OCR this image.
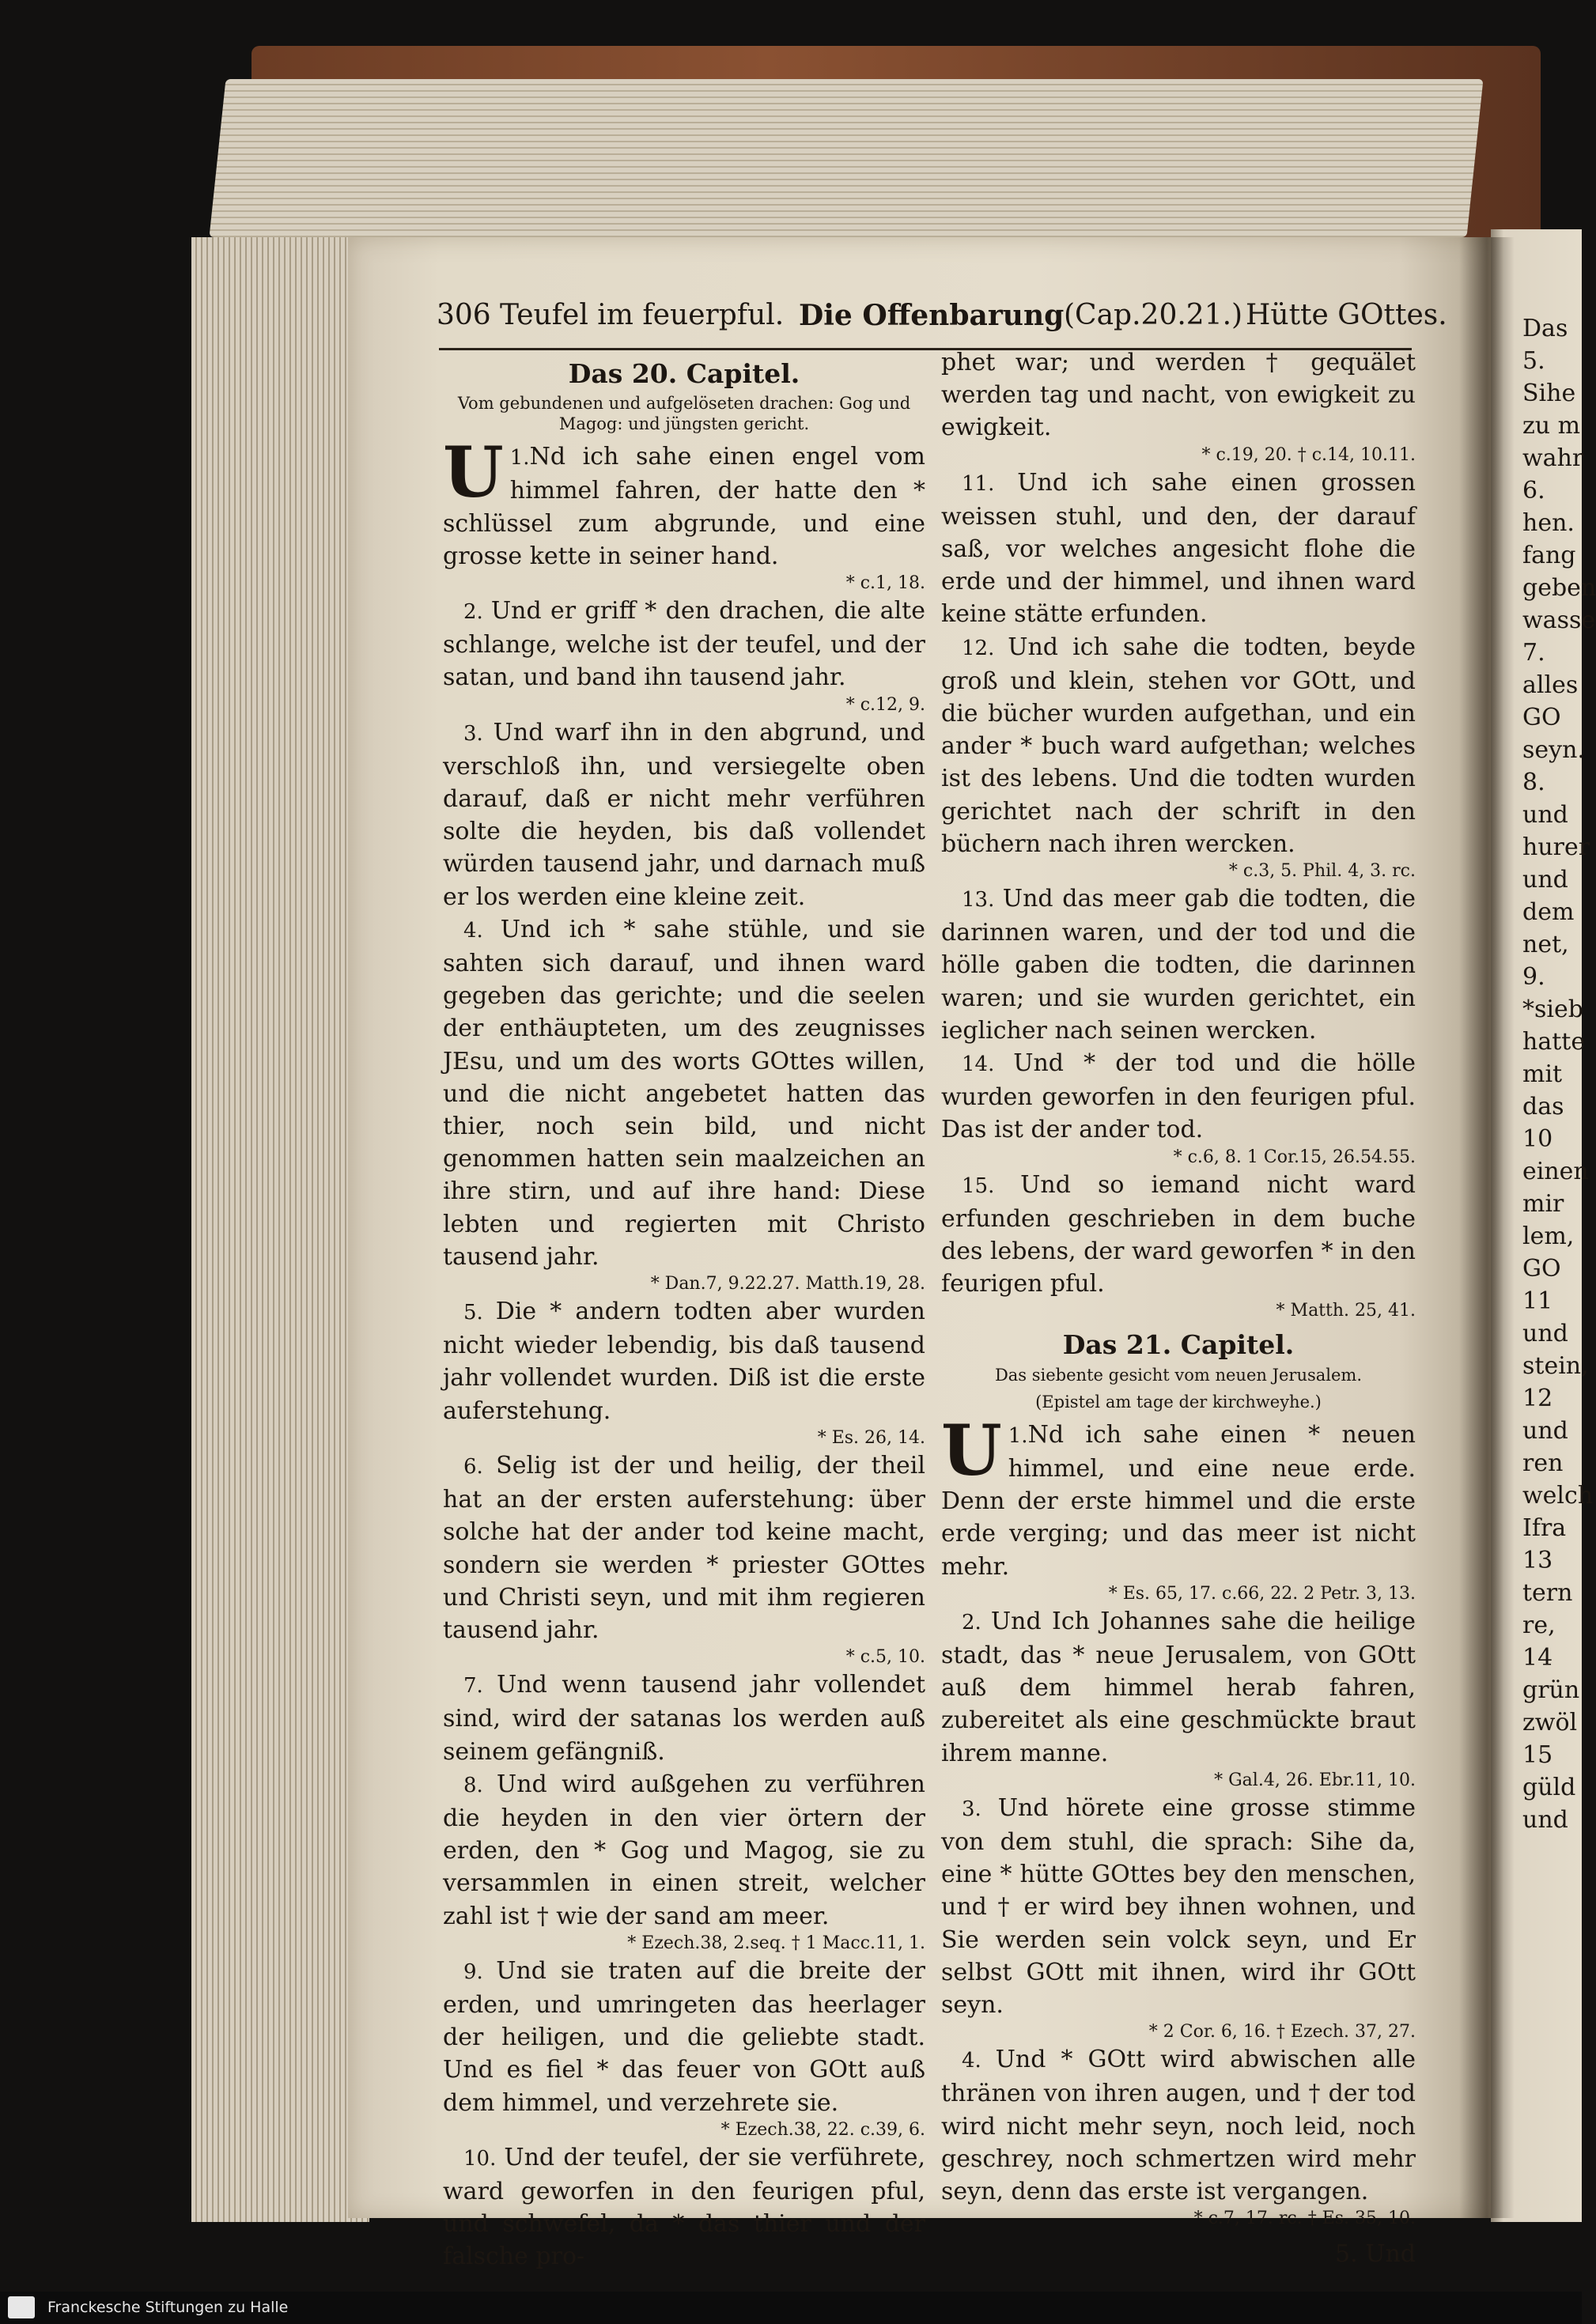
306 Teufel im feuerpful. Die Offenbarung (Cap.20.21.) Hütte GOttes.
Das 20. Capitel.
Vom gebundenen und aufgelöseten drachen: Gog und Magog: und jüngsten gericht.

1.
U Nd ich sahe einen engel vom himmel fahren, der hatte den * schlüssel zum abgrunde, und eine grosse kette in seiner hand.

* c.1, 18.

 2. Und er griff * den drachen, die alte schlange, welche ist der teufel, und der satan, und band ihn tausend jahr.

* c.12, 9.

 3. Und warf ihn in den abgrund, und verschloß ihn, und versiegelte oben darauf, daß er nicht mehr verführen solte die heyden, bis daß vollendet würden tausend jahr, und darnach muß er los werden eine kleine zeit.

 4. Und ich * sahe stühle, und sie sahten sich darauf, und ihnen ward gegeben das gerichte; und die seelen der enthäupteten, um des zeugnisses JEsu, und um des worts GOttes willen, und die nicht angebetet hatten das thier, noch sein bild, und nicht genommen hatten sein maalzeichen an ihre stirn, und auf ihre hand: Diese lebten und regierten mit Christo tausend jahr.

* Dan.7, 9.22.27. Matth.19, 28.

 5. Die * andern todten aber wurden nicht wieder lebendig, bis daß tausend jahr vollendet wurden. Diß ist die erste auferstehung.

* Es. 26, 14.

 6. Selig ist der und heilig, der theil hat an der ersten auferstehung: über solche hat der ander tod keine macht, sondern sie werden * priester GOttes und Christi seyn, und mit ihm regieren tausend jahr.

* c.5, 10.

 7. Und wenn tausend jahr vollendet sind, wird der satanas los werden auß seinem gefängniß.

 8. Und wird außgehen zu verführen die heyden in den vier örtern der erden, den * Gog und Magog, sie zu versammlen in einen streit, welcher zahl ist † wie der sand am meer.

* Ezech.38, 2.seq. † 1 Macc.11, 1.

 9. Und sie traten auf die breite der erden, und umringeten das heerlager der heiligen, und die geliebte stadt. Und es fiel * das feuer von GOtt auß dem himmel, und verzehrete sie.

* Ezech.38, 22. c.39, 6.

 10. Und der teufel, der sie verführete, ward geworfen in den feurigen pful, und schwefel, da * das thier und der falsche pro-

phet war; und werden † gequälet werden tag und nacht, von ewigkeit zu ewigkeit.

* c.19, 20. † c.14, 10.11.

 11. Und ich sahe einen grossen weissen stuhl, und den, der darauf saß, vor welches angesicht flohe die erde und der himmel, und ihnen ward keine stätte erfunden.

 12. Und ich sahe die todten, beyde groß und klein, stehen vor GOtt, und die bücher wurden aufgethan, und ein ander * buch ward aufgethan; welches ist des lebens. Und die todten wurden gerichtet nach der schrift in den büchern nach ihren wercken.

* c.3, 5. Phil. 4, 3. rc.

 13. Und das meer gab die todten, die darinnen waren, und der tod und die hölle gaben die todten, die darinnen waren; und sie wurden gerichtet, ein ieglicher nach seinen wercken.

 14. Und * der tod und die hölle wurden geworfen in den feurigen pful. Das ist der ander tod.

* c.6, 8. 1 Cor.15, 26.54.55.

 15. Und so iemand nicht ward erfunden geschrieben in dem buche des lebens, der ward geworfen * in den feurigen pful.

* Matth. 25, 41.

Das 21. Capitel.
Das siebente gesicht vom neuen Jerusalem.
(Epistel am tage der kirchweyhe.)

1.
U Nd ich sahe einen * neuen himmel, und eine neue erde. Denn der erste himmel und die erste erde verging; und das meer ist nicht mehr.

* Es. 65, 17. c.66, 22. 2 Petr. 3, 13.

 2. Und Ich Johannes sahe die heilige stadt, das * neue Jerusalem, von GOtt auß dem himmel herab fahren, zubereitet als eine geschmückte braut ihrem manne.

* Gal.4, 26. Ebr.11, 10.

 3. Und hörete eine grosse stimme von dem stuhl, die sprach: Sihe da, eine * hütte GOttes bey den menschen, und † er wird bey ihnen wohnen, und Sie werden sein volck seyn, und Er selbst GOtt mit ihnen, wird ihr GOtt seyn.

* 2 Cor. 6, 16. † Ezech. 37, 27.

 4. Und * GOtt wird abwischen alle thränen von ihren augen, und † der tod wird nicht mehr seyn, noch leid, noch geschrey, noch schmertzen wird mehr seyn, denn das erste ist vergangen.

* c.7, 17. rc. † Es. 35, 10.

5. Und
Das
5.
Sihe
zu m
wahr
6.
hen.
fang
geben
wasse
7.
alles
GO
seyn.
8.
und
hurer
und
dem
net,
9.
*sieb
hatte
mit
das
10
einen
mir
lem,
GO
11
und
stein,
12
und
ren
welch
Ifra
13
tern
re,
14
grün
zwöl
15
güld
und
Franckesche Stiftungen zu Halle
